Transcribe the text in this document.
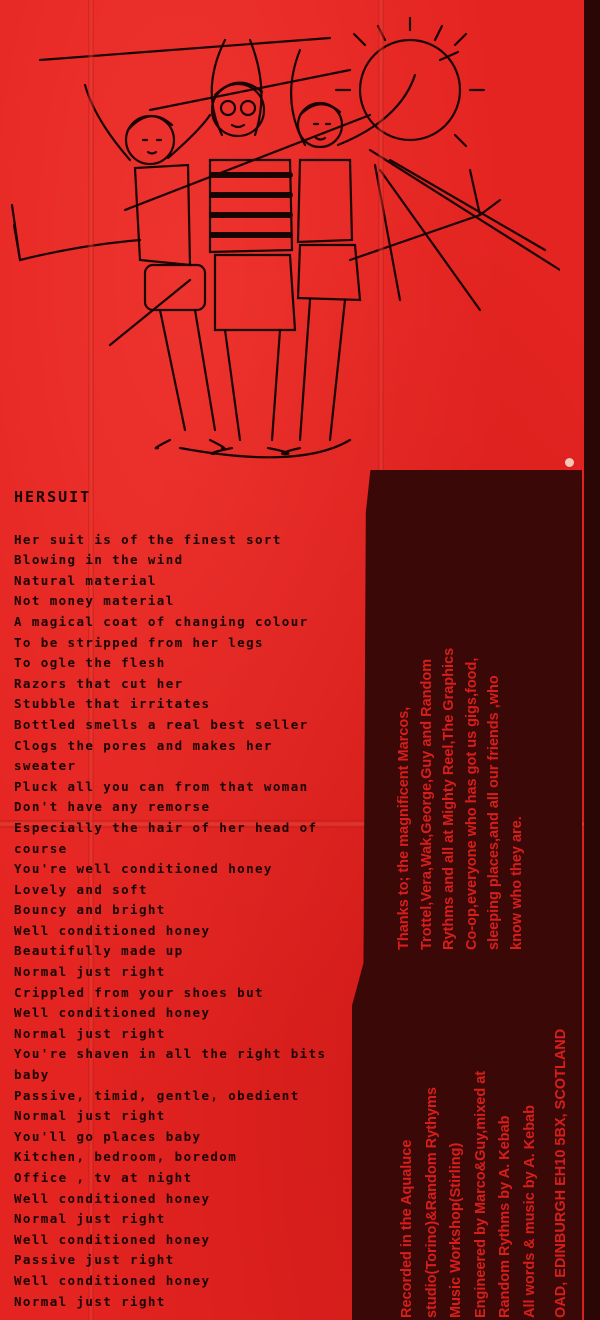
HERSUIT
Her suit is of the finest sort
Blowing in the wind
Natural material
Not money material
A magical coat of changing colour
To be stripped from her legs
To ogle the flesh
Razors that cut her
Stubble that irritates
Bottled smells a real best seller
Clogs the pores and makes her
sweater
Pluck all you can from that woman
Don't have any remorse
Especially the hair of her head of
course
You're well conditioned honey
Lovely and soft
Bouncy and bright
Well conditioned honey
Beautifully made up
Normal just right
Crippled from your shoes but
Well conditioned honey
Normal just right
You're shaven in all the right bits
baby
Passive, timid, gentle, obedient
Normal just right
You'll go places baby
Kitchen, bedroom, boredom
Office , tv at night
Well conditioned honey
Normal just right
Well conditioned honey
Passive just right
Well conditioned honey
Normal just right
Thanks to; the magnificent Marcos, Trottel,Vera,Wak,George,Guy and Random Rythms and all at Mighty Reel,The Graphics Co-op,everyone who has got us gigs,food, sleeping places,and all our friends ,who know who they are.
Recorded in the Aqualuce studio(Torino)&Random Rythyms Music Workshop(Stirling) Engineered by Marco&Guy,mixed at Random Rythms by A. Kebab All words & music by A. Kebab	OAD, EDINBURGH EH10 5BX, SCOTLAND
